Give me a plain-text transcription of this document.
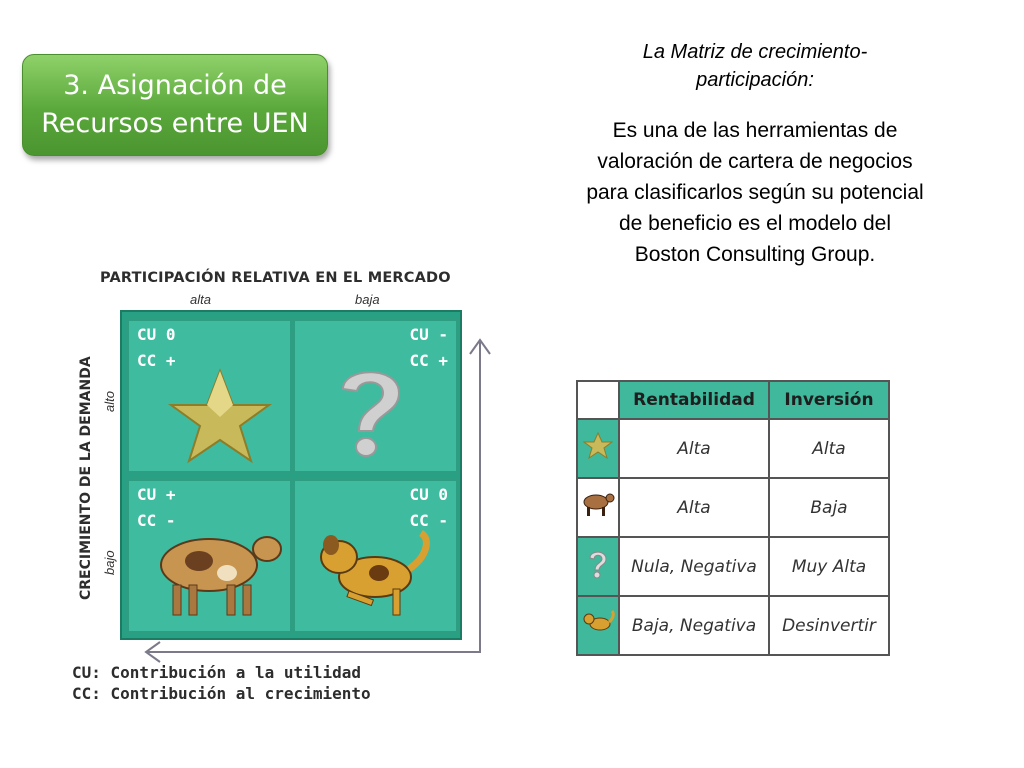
3. Asignación de
Recursos entre UEN
La Matriz de crecimiento-
participación:
Es una de las herramientas de
valoración de cartera de negocios
para clasificarlos según su potencial
de beneficio es el modelo del
Boston Consulting Group.
PARTICIPACIÓN RELATIVA EN EL MERCADO
alta	baja
CRECIMIENTO DE LA DEMANDA alto
bajo
CU 0
CC +
CU -
CC +
CU +
CC -
CU 0
CC -
CU: Contribución a la utilidad
CC: Contribución al crecimiento
	Rentabilidad	Inversión
	Alta	Alta
	Alta	Baja
	Nula, Negativa	Muy Alta
	Baja, Negativa	Desinvertir
